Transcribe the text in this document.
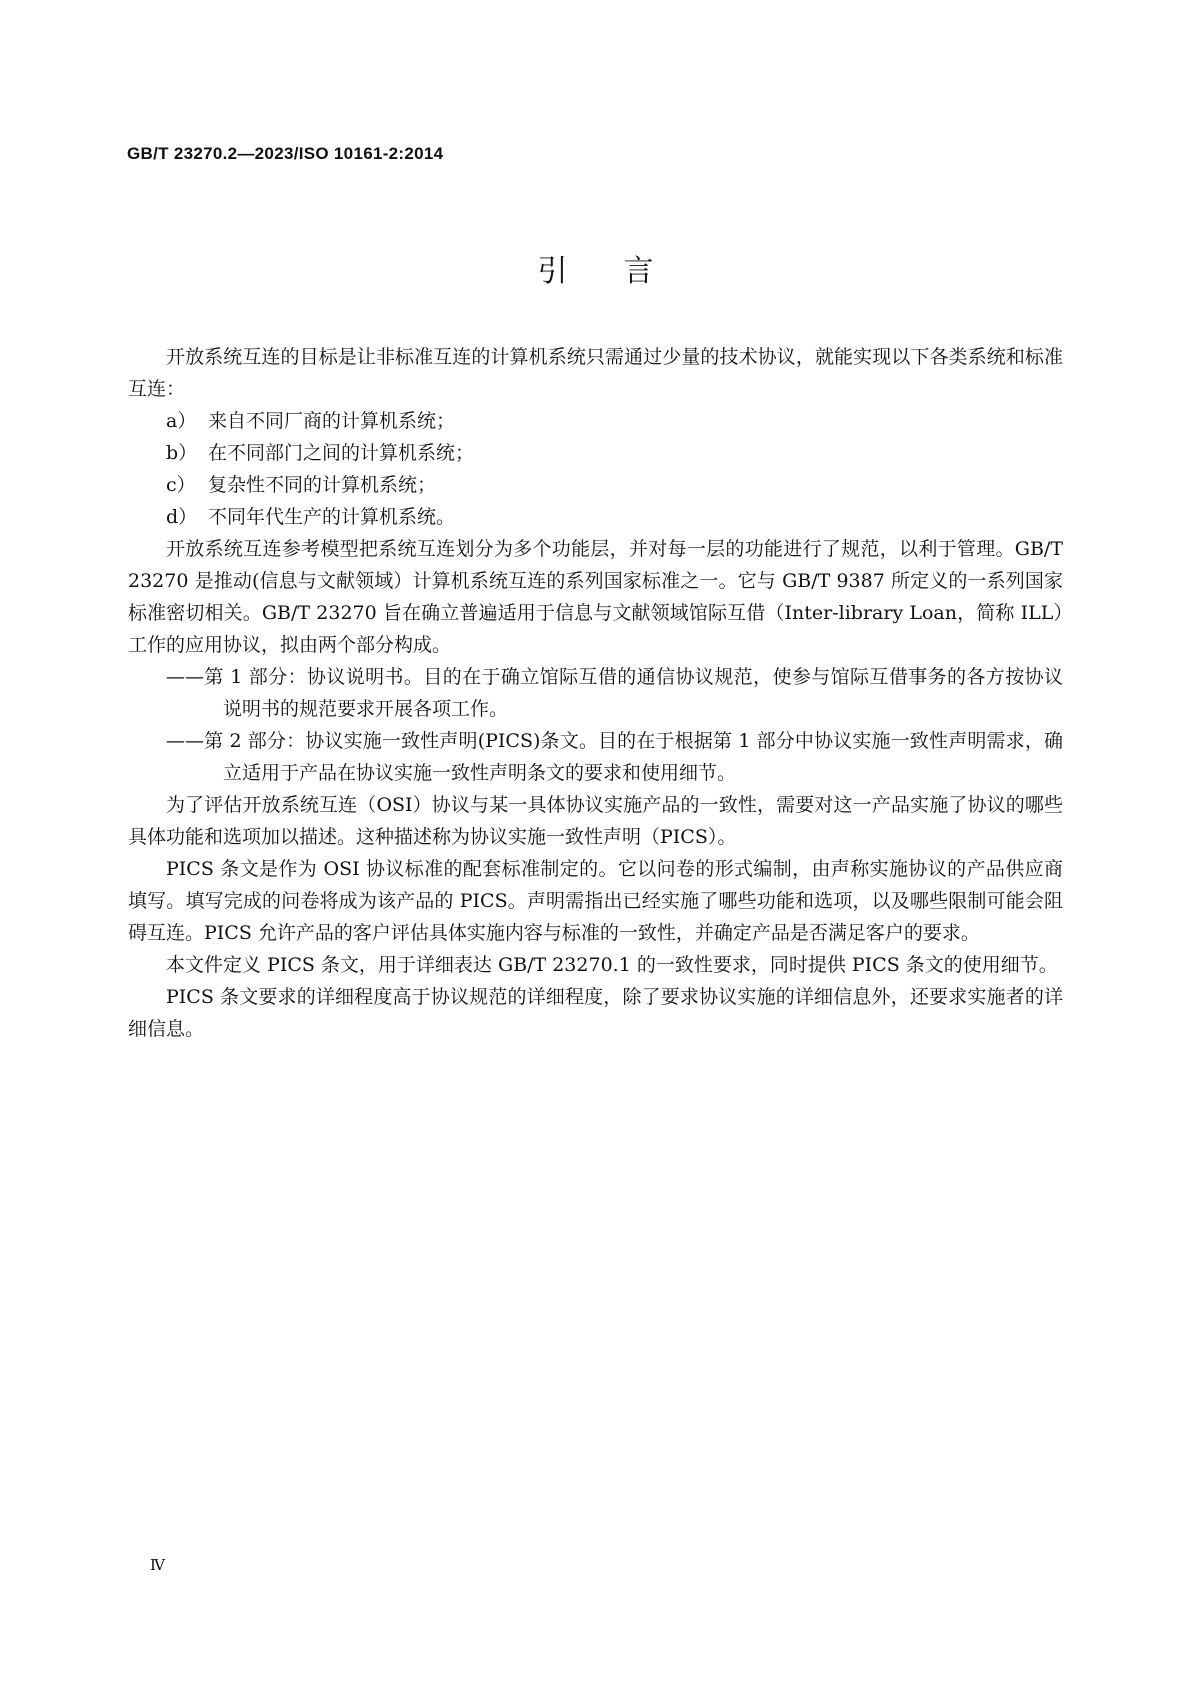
GB/T 23270.2—2023/ISO 10161-2:2014
引言

开放系统互连的目标是让非标准互连的计算机系统只需通过少量的技术协议，就能实现以下各类系统和标准互连：

a） 来自不同厂商的计算机系统；
b） 在不同部门之间的计算机系统；
c） 复杂性不同的计算机系统；
d） 不同年代生产的计算机系统。

开放系统互连参考模型把系统互连划分为多个功能层，并对每一层的功能进行了规范，以利于管理。GB/T 23270 是推动(信息与文献领域）计算机系统互连的系列国家标准之一。它与 GB/T 9387 所定义的一系列国家标准密切相关。GB/T 23270 旨在确立普遍适用于信息与文献领域馆际互借（Inter-library Loan，简称 ILL）工作的应用协议，拟由两个部分构成。

——第 1 部分：协议说明书。目的在于确立馆际互借的通信协议规范，使参与馆际互借事务的各方按协议说明书的规范要求开展各项工作。

——第 2 部分：协议实施一致性声明(PICS)条文。目的在于根据第 1 部分中协议实施一致性声明需求，确立适用于产品在协议实施一致性声明条文的要求和使用细节。

为了评估开放系统互连（OSI）协议与某一具体协议实施产品的一致性，需要对这一产品实施了协议的哪些具体功能和选项加以描述。这种描述称为协议实施一致性声明（PICS）。

PICS 条文是作为 OSI 协议标准的配套标准制定的。它以问卷的形式编制，由声称实施协议的产品供应商填写。填写完成的问卷将成为该产品的 PICS。声明需指出已经实施了哪些功能和选项，以及哪些限制可能会阻碍互连。PICS 允许产品的客户评估具体实施内容与标准的一致性，并确定产品是否满足客户的要求。

本文件定义 PICS 条文，用于详细表达 GB/T 23270.1 的一致性要求，同时提供 PICS 条文的使用细节。

PICS 条文要求的详细程度高于协议规范的详细程度，除了要求协议实施的详细信息外，还要求实施者的详细信息。

Ⅳ
